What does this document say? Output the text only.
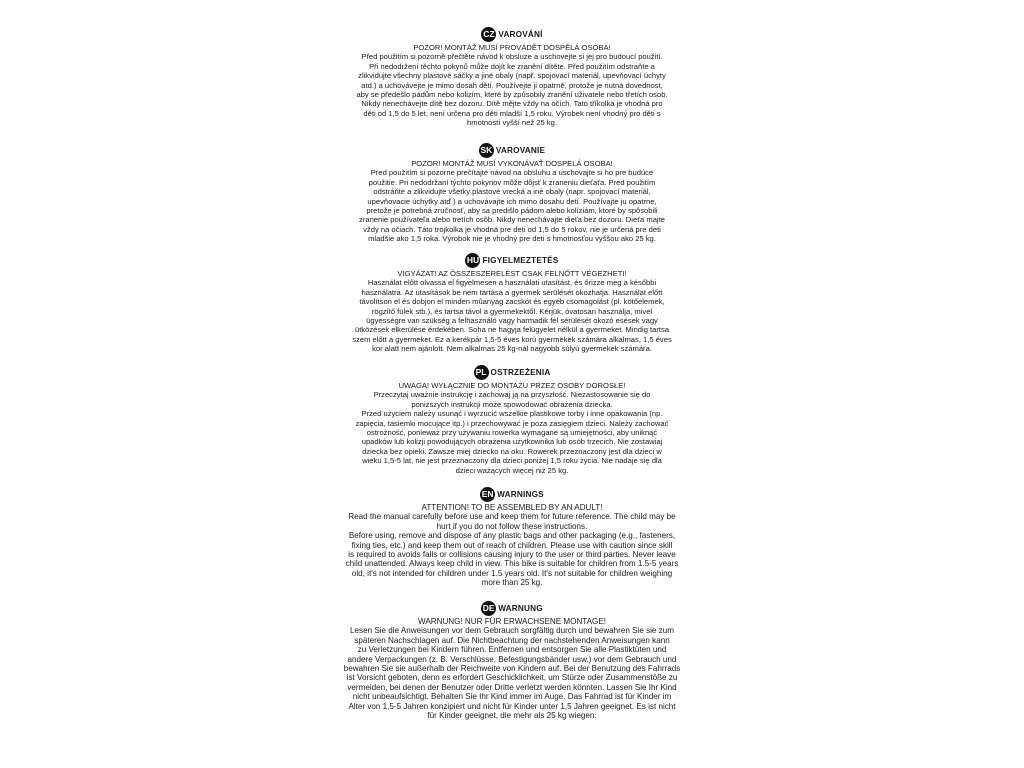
CZ VAROVÁNÍ
POZOR! MONTÁŽ MUSÍ PROVÁDĚT DOSPĚLÁ OSOBA!
Před použitím si pozorně přečtěte návod k obsluze a uschovejte si jej pro budoucí použití.
Při nedodržení těchto pokynů může dojít ke zranění dítěte. Před použitím odstraňte a
zlikvidujte všechny plastové sáčky a jiné obaly (např. spojovací materiál, upevňovací úchyty
atd.) a uchovávejte je mimo dosah dětí. Používejte ji opatrně, protože je nutná dovednost,
aby se předešlo pádům nebo kolizím, které by způsobily zranění uživatele nebo třetích osob.
Nikdy nenechávejte dítě bez dozoru. Dítě mějte vždy na očích. Tato tříkolka je vhodná pro
děti od 1,5 do 5 let, není určena pro děti mladší 1,5 roku. Výrobek není vhodný pro děti s
hmotností vyšší než 25 kg.
SK VAROVANIE
POZOR! MONTÁŽ MUSÍ VYKONÁVAŤ DOSPELÁ OSOBA!
Pred použitím si pozorne prečítajte návod na obsluhu a uschovajte si ho pre budúce
použitie. Pri nedodržaní týchto pokynov môže dôjsť k zraneniu dieťaťa. Pred použitím
odstráňte a zlikvidujte všetky plastové vrecká a iné obaly (napr. spojovací materiál,
upevňovacie úchytky atď.) a uchovávajte ich mimo dosahu detí. Používajte ju opatrne,
pretože je potrebná zručnosť, aby sa predišlo pádom alebo kolíziám, ktoré by spôsobili
zranenie používateľa alebo tretích osôb. Nikdy nenechávajte dieťa bez dozoru. Dieťa majte
vždy na očiach. Táto trojkolka je vhodná pre deti od 1,5 do 5 rokov, nie je určená pre deti
mladšie ako 1,5 roka. Výrobok nie je vhodný pre deti s hmotnosťou vyššou ako 25 kg.
HU FIGYELMEZTETÉS
VIGYÁZAT! AZ ÖSSZESZERELÉST CSAK FELNŐTT VÉGEZHETI!
Használat előtt olvassa el figyelmesen a használati utasítást, és őrizze meg a későbbi
használatra. Az utasítások be nem tartása a gyermek sérülését okozhatja. Használat előtt
távolítson el és dobjon el minden műanyag zacskót és egyéb csomagolást (pl. kötőelemek,
rögzítő fülek stb.), és tartsa távol a gyermekektől. Kérjük, óvatosan használja, mivel
ügyességre van szükség a felhasználó vagy harmadik fél sérülését okozó esések vagy
ütközések elkerülése érdekében. Soha ne hagyja felügyelet nélkül a gyermeket. Mindig tartsa
szem előtt a gyermeket. Ez a kerékpár 1,5-5 éves korú gyermekek számára alkalmas, 1,5 éves
kor alatt nem ajánlott. Nem alkalmas 25 kg-nál nagyobb súlyú gyermekek számára.
PL OSTRZEŻENIA
UWAGA! WYŁĄCZNIE DO MONTAŻU PRZEZ OSOBY DOROSŁE!
Przeczytaj uważnie instrukcję i zachowaj ją na przyszłość. Niezastosowanie się do
poniższych instrukcji może spowodować obrażenia dziecka.
Przed użyciem należy usunąć i wyrzucić wszelkie plastikowe torby i inne opakowania (np.
zapięcia, tasiemki mocujące itp.) i przechowywać je poza zasięgiem dzieci. Należy zachować
ostrożność, ponieważ przy używaniu rowerka wymagane są umiejętności, aby uniknąć
upadków lub kolizji powodujących obrażenia użytkownika lub osób trzecich. Nie zostawiaj
dziecka bez opieki. Zawsze miej dziecko na oku. Rowerek przeznaczony jest dla dzieci w
wieku 1,5-5 lat, nie jest przeznaczony dla dzieci poniżej 1,5 roku życia. Nie nadaje się dla
dzieci ważących więcej niż 25 kg.
EN WARNINGS
ATTENTION! TO BE ASSEMBLED BY AN ADULT!
Read the manual carefully before use and keep them for future reference. The child may be
hurt if you do not follow these instructions.
Before using, remove and dispose of any plastic bags and other packaging (e.g., fasteners,
fixing ties, etc.) and keep them out of reach of children. Please use with caution since skill
is required to avoids falls or collisions causing injury to the user or third parties. Never leave
child unattended. Always keep child in view. This bike is suitable for children from 1.5-5 years
old, it's not intended for children under 1.5 years old. It's not suitable for children weighing
more than 25 kg.
DE WARNUNG
WARNUNG! NUR FÜR ERWACHSENE MONTAGE!
Lesen Sie die Anweisungen vor dem Gebrauch sorgfältig durch und bewahren Sie sie zum
späteren Nachschlagen auf. Die Nichtbeachtung der nachstehenden Anweisungen kann
zu Verletzungen bei Kindern führen. Entfernen und entsorgen Sie alle Plastiktüten und
andere Verpackungen (z. B. Verschlüsse, Befestigungsbänder usw.) vor dem Gebrauch und
bewahren Sie sie außerhalb der Reichweite von Kindern auf. Bei der Benutzung des Fahrrads
ist Vorsicht geboten, denn es erfordert Geschicklichkeit, um Stürze oder Zusammenstöße zu
vermeiden, bei denen der Benutzer oder Dritte verletzt werden könnten. Lassen Sie Ihr Kind
nicht unbeaufsichtigt. Behalten Sie Ihr Kind immer im Auge. Das Fahrrad ist für Kinder im
Alter von 1,5-5 Jahren konzipiert und nicht für Kinder unter 1,5 Jahren geeignet. Es ist nicht
für Kinder geeignet, die mehr als 25 kg wiegen.
